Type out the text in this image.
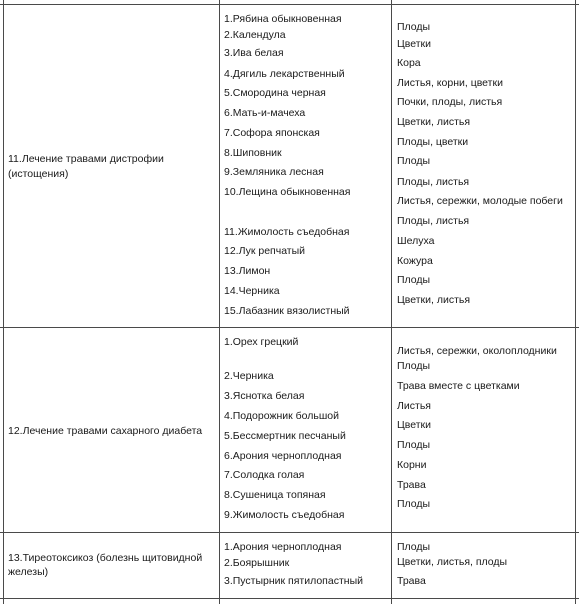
11.Лечение травами дистрофии
(истощения)
1.Рябина обыкновенная
2.Календула
3.Ива белая
4.Дягиль лекарственный
5.Смородина черная
6.Мать-и-мачеха
7.Софора японская
8.Шиповник
9.Земляника лесная
10.Лещина обыкновенная
11.Жимолость съедобная
12.Лук репчатый
13.Лимон
14.Черника
15.Лабазник вязолистный
Плоды
Цветки
Кора
Листья, корни, цветки
Почки, плоды, листья
Цветки, листья
Плоды, цветки
Плоды
Плоды, листья
Листья, сережки, молодые побеги
Плоды, листья
Шелуха
Кожура
Плоды
Цветки, листья
12.Лечение травами сахарного диабета
1.Орех грецкий
2.Черника
3.Яснотка белая
4.Подорожник большой
5.Бессмертник песчаный
6.Арония черноплодная
7.Солодка голая
8.Сушеница топяная
9.Жимолость съедобная
Листья, сережки, околоплодники
Плоды
Трава вместе с цветками
Листья
Цветки
Плоды
Корни
Трава
Плоды
13.Тиреотоксикоз (болезнь щитовидной
железы)
1.Арония черноплодная
2.Боярышник
3.Пустырник пятилопастный
Плоды
Цветки, листья, плоды
Трава
